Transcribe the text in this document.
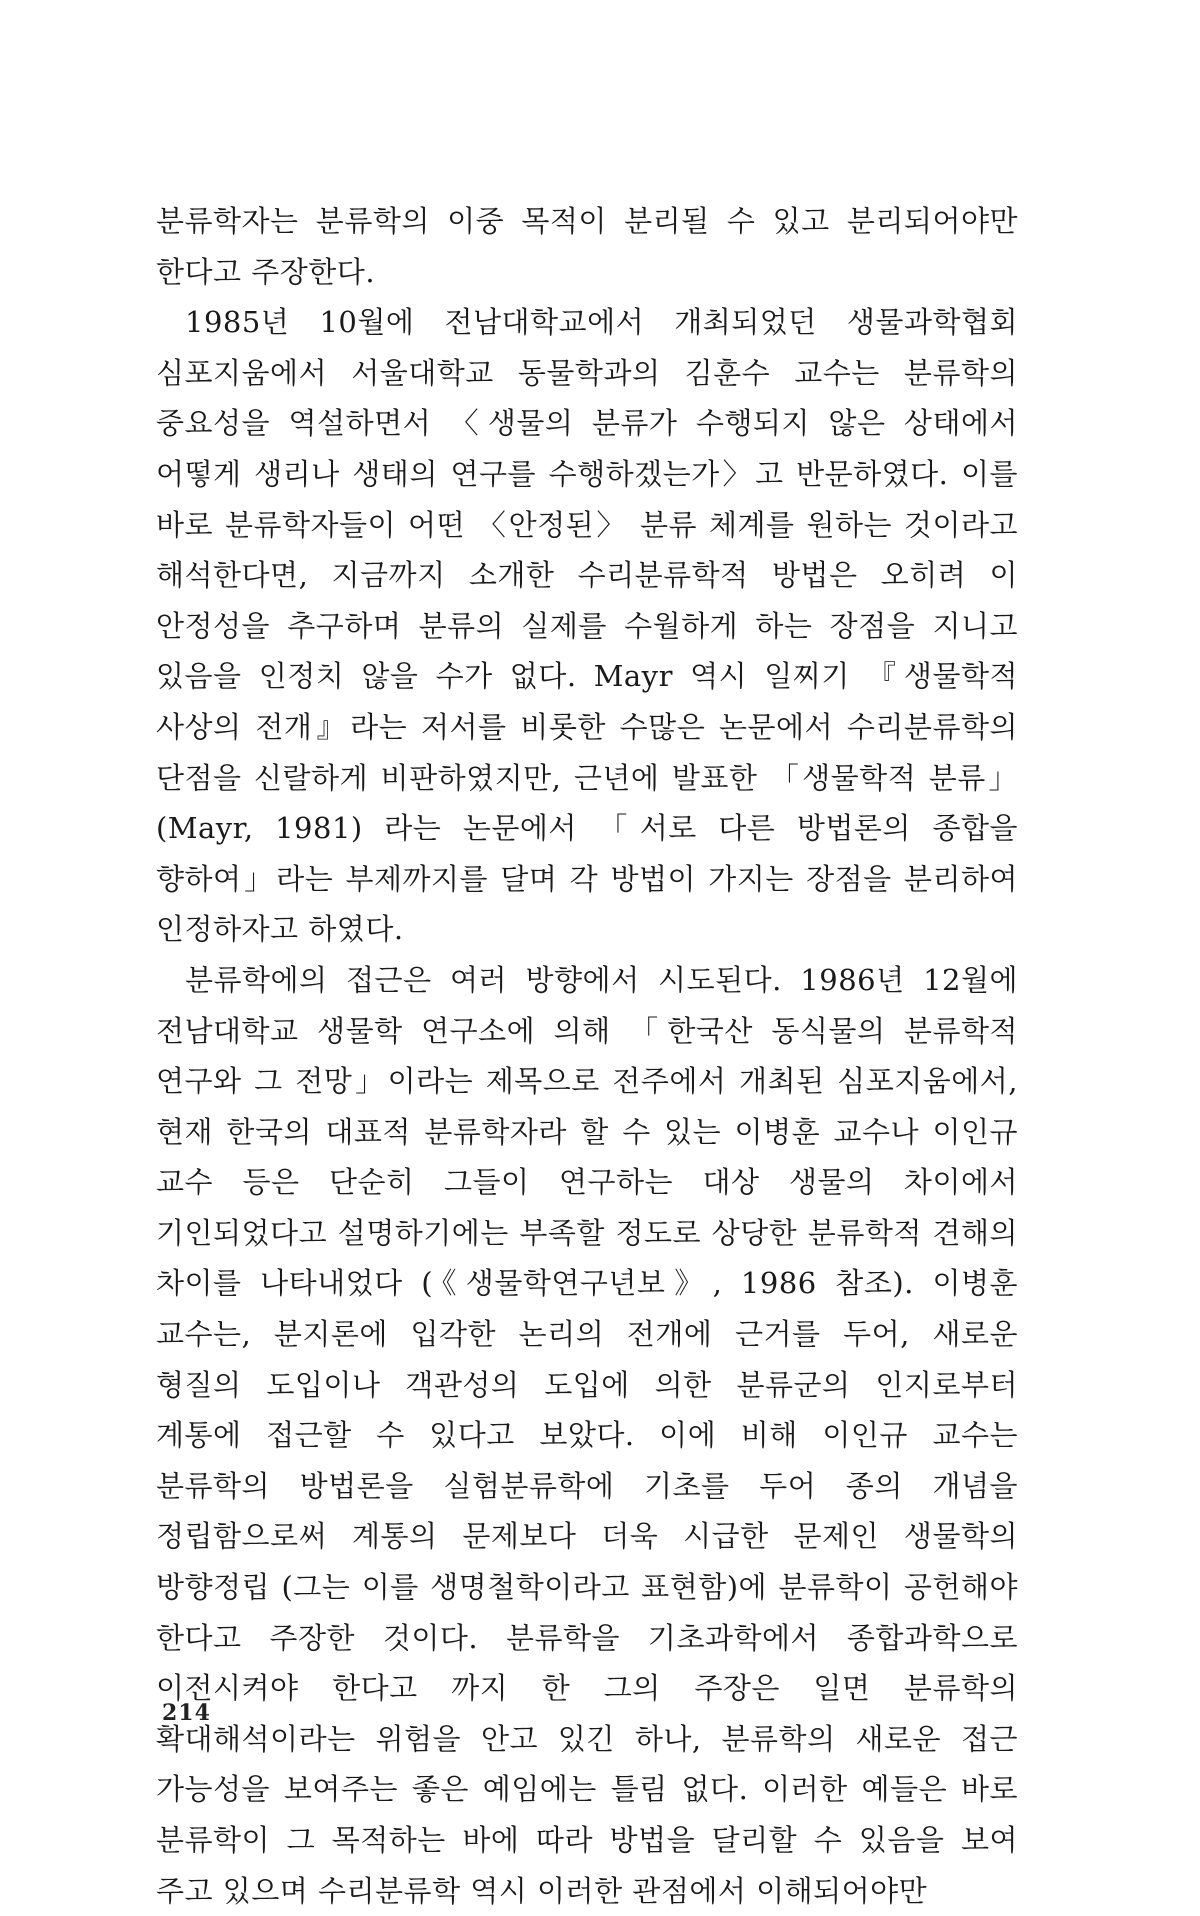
분류학자는 분류학의 이중 목적이 분리될 수 있고 분리되어야만 한다고 주장한다.

1985년 10월에 전남대학교에서 개최되었던 생물과학협회 심포지움에서 서울대학교 동물학과의 김훈수 교수는 분류학의 중요성을 역설하면서 〈생물의 분류가 수행되지 않은 상태에서 어떻게 생리나 생태의 연구를 수행하겠는가〉고 반문하였다. 이를 바로 분류학자들이 어떤 〈안정된〉 분류 체계를 원하는 것이라고 해석한다면, 지금까지 소개한 수리분류학적 방법은 오히려 이 안정성을 추구하며 분류의 실제를 수월하게 하는 장점을 지니고 있음을 인정치 않을 수가 없다. Mayr 역시 일찌기 『생물학적 사상의 전개』라는 저서를 비롯한 수많은 논문에서 수리분류학의 단점을 신랄하게 비판하였지만, 근년에 발표한 「생물학적 분류」(Mayr, 1981) 라는 논문에서 「서로 다른 방법론의 종합을 향하여」라는 부제까지를 달며 각 방법이 가지는 장점을 분리하여 인정하자고 하였다.

분류학에의 접근은 여러 방향에서 시도된다. 1986년 12월에 전남대학교 생물학 연구소에 의해 「한국산 동식물의 분류학적 연구와 그 전망」이라는 제목으로 전주에서 개최된 심포지움에서, 현재 한국의 대표적 분류학자라 할 수 있는 이병훈 교수나 이인규 교수 등은 단순히 그들이 연구하는 대상 생물의 차이에서 기인되었다고 설명하기에는 부족할 정도로 상당한 분류학적 견해의 차이를 나타내었다 (《생물학연구년보》, 1986 참조). 이병훈 교수는, 분지론에 입각한 논리의 전개에 근거를 두어, 새로운 형질의 도입이나 객관성의 도입에 의한 분류군의 인지로부터 계통에 접근할 수 있다고 보았다. 이에 비해 이인규 교수는 분류학의 방법론을 실험분류학에 기초를 두어 종의 개념을 정립함으로써 계통의 문제보다 더욱 시급한 문제인 생물학의 방향정립 (그는 이를 생명철학이라고 표현함)에 분류학이 공헌해야 한다고 주장한 것이다. 분류학을 기초과학에서 종합과학으로 이전시켜야 한다고 까지 한 그의 주장은 일면 분류학의 확대해석이라는 위험을 안고 있긴 하나, 분류학의 새로운 접근 가능성을 보여주는 좋은 예임에는 틀림 없다. 이러한 예들은 바로 분류학이 그 목적하는 바에 따라 방법을 달리할 수 있음을 보여 주고 있으며 수리분류학 역시 이러한 관점에서 이해되어야만

214
